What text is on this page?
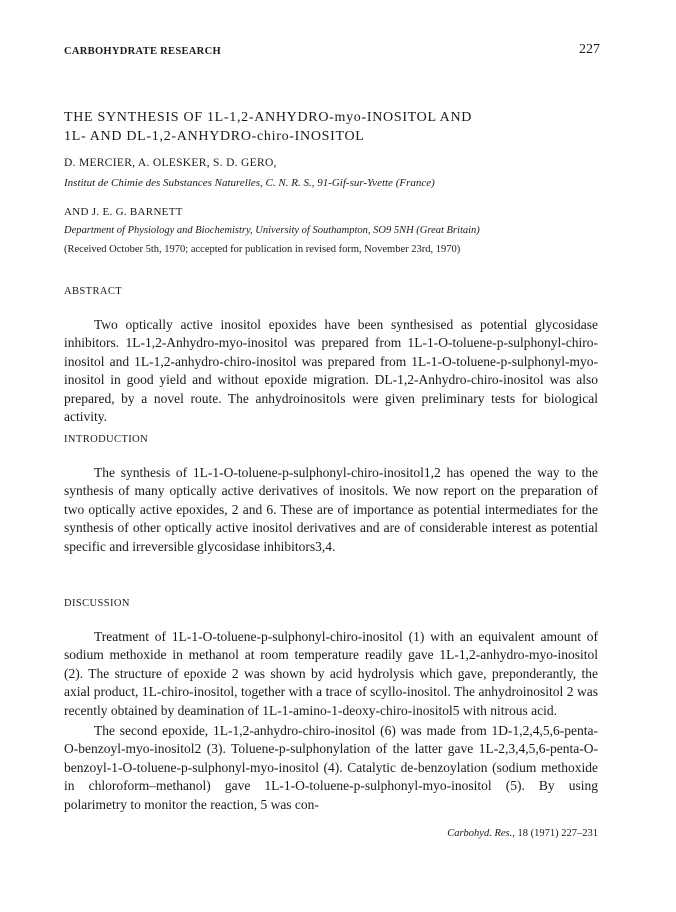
CARBOHYDRATE RESEARCH	227
THE SYNTHESIS OF 1L-1,2-ANHYDRO-myo-INOSITOL AND
1L- AND DL-1,2-ANHYDRO-chiro-INOSITOL
D. MERCIER, A. OLESKER, S. D. GERO,
Institut de Chimie des Substances Naturelles, C. N. R. S., 91-Gif-sur-Yvette (France)
AND J. E. G. BARNETT
Department of Physiology and Biochemistry, University of Southampton, SO9 5NH (Great Britain)
(Received October 5th, 1970; accepted for publication in revised form, November 23rd, 1970)
ABSTRACT
Two optically active inositol epoxides have been synthesised as potential glycosidase inhibitors. 1L-1,2-Anhydro-myo-inositol was prepared from 1L-1-O-toluene-p-sulphonyl-chiro-inositol and 1L-1,2-anhydro-chiro-inositol was prepared from 1L-1-O-toluene-p-sulphonyl-myo-inositol in good yield and without epoxide migration. DL-1,2-Anhydro-chiro-inositol was also prepared, by a novel route. The anhydroinositols were given preliminary tests for biological activity.
INTRODUCTION
The synthesis of 1L-1-O-toluene-p-sulphonyl-chiro-inositol1,2 has opened the way to the synthesis of many optically active derivatives of inositols. We now report on the preparation of two optically active epoxides, 2 and 6. These are of importance as potential intermediates for the synthesis of other optically active inositol derivatives and are of considerable interest as potential specific and irreversible glycosidase inhibitors3,4.
DISCUSSION
Treatment of 1L-1-O-toluene-p-sulphonyl-chiro-inositol (1) with an equivalent amount of sodium methoxide in methanol at room temperature readily gave 1L-1,2-anhydro-myo-inositol (2). The structure of epoxide 2 was shown by acid hydrolysis which gave, preponderantly, the axial product, 1L-chiro-inositol, together with a trace of scyllo-inositol. The anhydroinositol 2 was recently obtained by deamination of 1L-1-amino-1-deoxy-chiro-inositol5 with nitrous acid.
The second epoxide, 1L-1,2-anhydro-chiro-inositol (6) was made from 1D-1,2,4,5,6-penta-O-benzoyl-myo-inositol2 (3). Toluene-p-sulphonylation of the latter gave 1L-2,3,4,5,6-penta-O-benzoyl-1-O-toluene-p-sulphonyl-myo-inositol (4). Catalytic de-benzoylation (sodium methoxide in chloroform–methanol) gave 1L-1-O-toluene-p-sulphonyl-myo-inositol (5). By using polarimetry to monitor the reaction, 5 was con-
Carbohyd. Res., 18 (1971) 227–231
